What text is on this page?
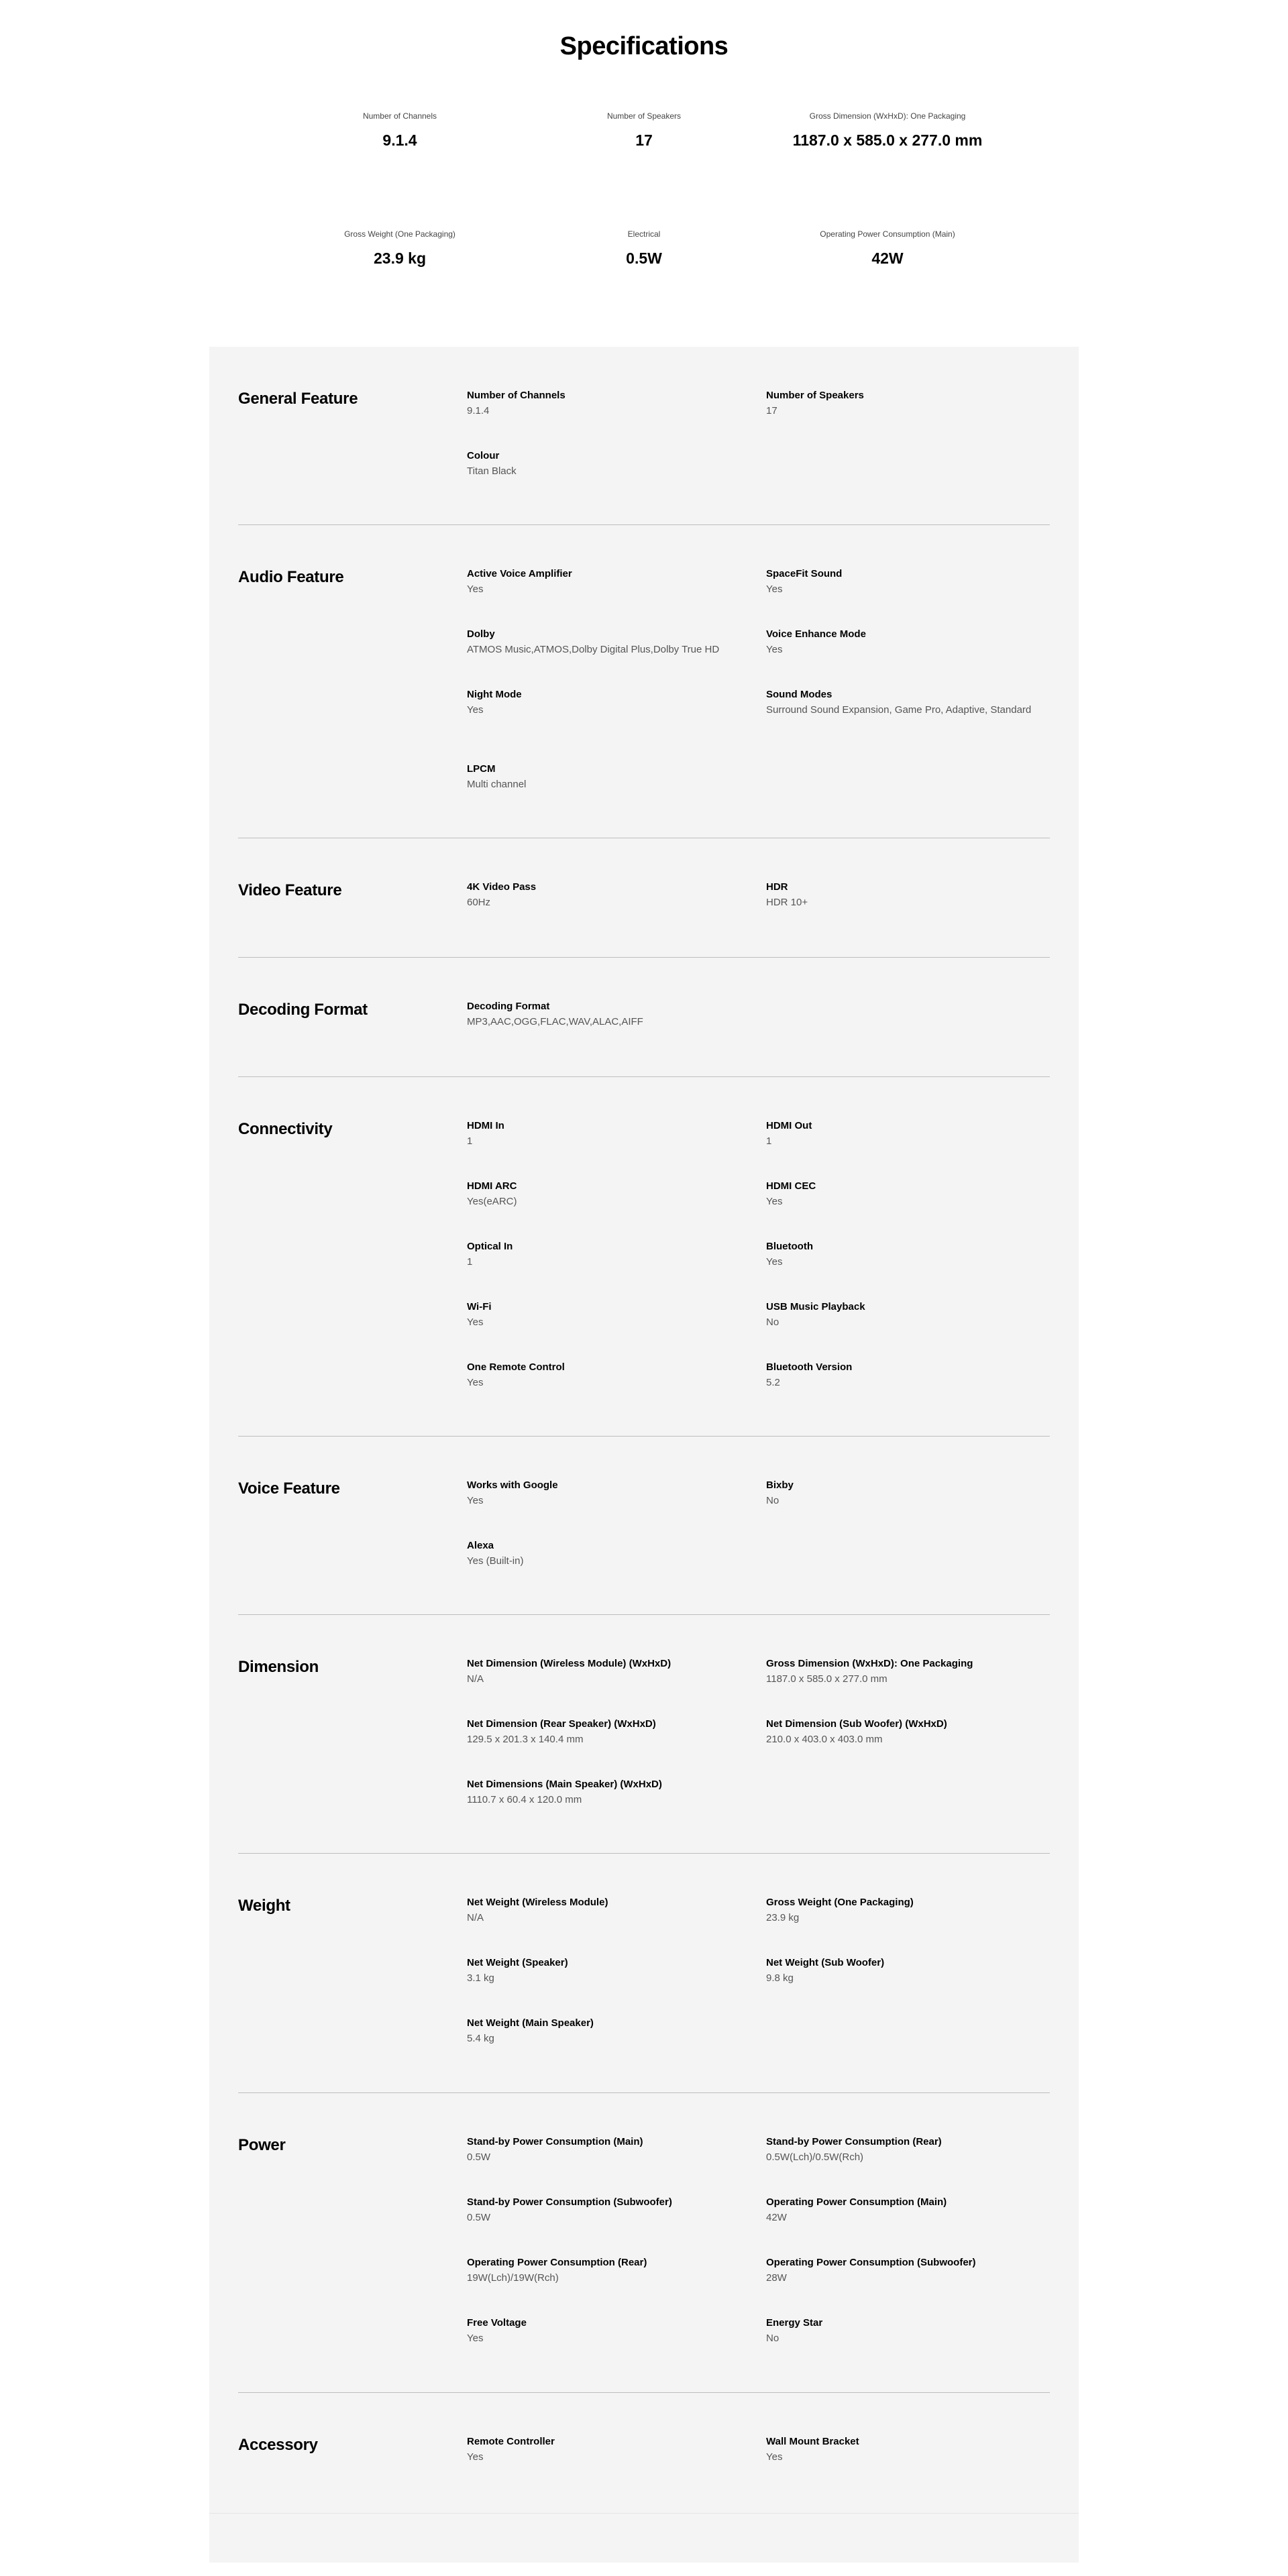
Specifications
Number of Channels
9.1.4
Number of Speakers
17
Gross Dimension (WxHxD): One Packaging
1187.0 x 585.0 x 277.0 mm
Gross Weight (One Packaging)
23.9 kg
Electrical
0.5W
Operating Power Consumption (Main)
42W
General Feature	Number of Channels
9.1.4
Number of Speakers
17
Colour
Titan Black
Audio Feature	Active Voice Amplifier
Yes
SpaceFit Sound
Yes
Dolby
ATMOS Music,ATMOS,Dolby Digital Plus,Dolby True HD
Voice Enhance Mode
Yes
Night Mode
Yes
Sound Modes
Surround Sound Expansion, Game Pro, Adaptive, Standard
LPCM
Multi channel
Video Feature	4K Video Pass
60Hz
HDR
HDR 10+
Decoding Format	Decoding Format
MP3,AAC,OGG,FLAC,WAV,ALAC,AIFF
Connectivity	HDMI In
1
HDMI Out
1
HDMI ARC
Yes(eARC)
HDMI CEC
Yes
Optical In
1
Bluetooth
Yes
Wi-Fi
Yes
USB Music Playback
No
One Remote Control
Yes
Bluetooth Version
5.2
Voice Feature	Works with Google
Yes
Bixby
No
Alexa
Yes (Built-in)
Dimension	Net Dimension (Wireless Module) (WxHxD)
N/A
Gross Dimension (WxHxD): One Packaging
1187.0 x 585.0 x 277.0 mm
Net Dimension (Rear Speaker) (WxHxD)
129.5 x 201.3 x 140.4 mm
Net Dimension (Sub Woofer) (WxHxD)
210.0 x 403.0 x 403.0 mm
Net Dimensions (Main Speaker) (WxHxD)
1110.7 x 60.4 x 120.0 mm
Weight	Net Weight (Wireless Module)
N/A
Gross Weight (One Packaging)
23.9 kg
Net Weight (Speaker)
3.1 kg
Net Weight (Sub Woofer)
9.8 kg
Net Weight (Main Speaker)
5.4 kg
Power	Stand-by Power Consumption (Main)
0.5W
Stand-by Power Consumption (Rear)
0.5W(Lch)/0.5W(Rch)
Stand-by Power Consumption (Subwoofer)
0.5W
Operating Power Consumption (Main)
42W
Operating Power Consumption (Rear)
19W(Lch)/19W(Rch)
Operating Power Consumption (Subwoofer)
28W
Free Voltage
Yes
Energy Star
No
Accessory	Remote Controller
Yes
Wall Mount Bracket
Yes
